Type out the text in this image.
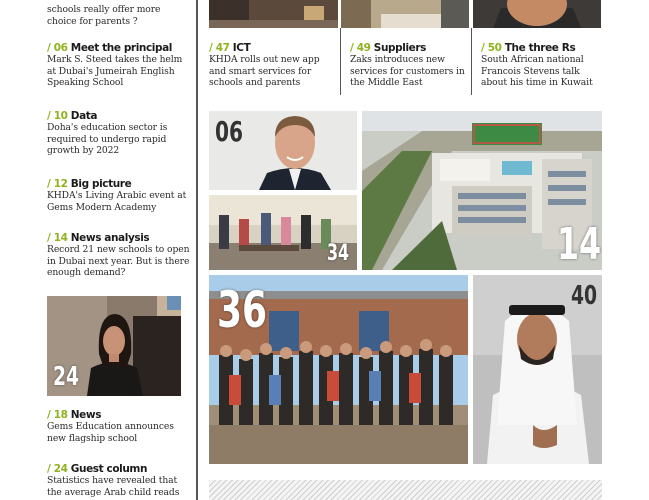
schools really offer more choice for parents ?
/ 06 Meet the principal
Mark S. Steed takes the helm at Dubai's Jumeirah English Speaking School
/ 10 Data
Doha's education sector is required to undergo rapid growth by 2022
/ 12 Big picture
KHDA's Living Arabic event at Gems Modern Academy
/ 14 News analysis
Record 21 new schools to open in Dubai next year. But is there enough demand?
24
/ 18 News
Gems Education announces new flagship school
/ 24 Guest column
Statistics have revealed that the average Arab child reads
/ 47 ICT
KHDA rolls out new app and smart services for schools and parents
/ 49 Suppliers
Zaks introduces new services for customers in the Middle East
/ 50 The three Rs
South African national Francois Stevens talk about his time in Kuwait
06
34	14
36	40
